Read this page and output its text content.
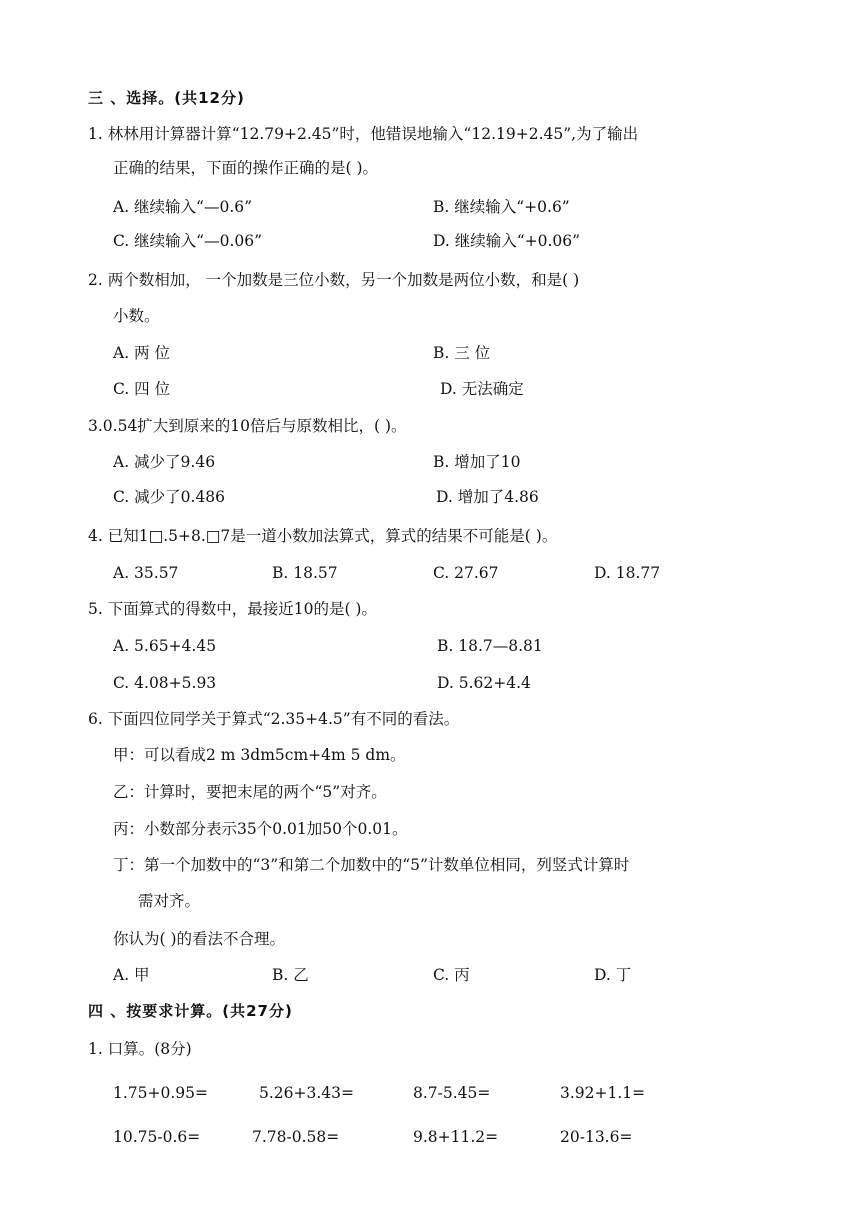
三 、选择。(共12分)
1. 林林用计算器计算“12.79+2.45”时，他错误地输入“12.19+2.45”,为了输出
正确的结果，下面的操作正确的是( )。
A. 继续输入“—0.6”	B. 继续输入“+0.6”
C. 继续输入“—0.06”	D. 继续输入“+0.06”
2. 两个数相加， 一个加数是三位小数，另一个加数是两位小数，和是( )
小数。
A. 两 位	B. 三 位
C. 四 位	D. 无法确定
3.0.54扩大到原来的10倍后与原数相比，( )。
A. 减少了9.46	B. 增加了10
C. 减少了0.486	D. 增加了4.86
4. 已知1□.5+8.□7是一道小数加法算式，算式的结果不可能是( )。
A. 35.57	B. 18.57	C. 27.67	D. 18.77
5. 下面算式的得数中，最接近10的是( )。
A. 5.65+4.45	B. 18.7—8.81
C. 4.08+5.93	D. 5.62+4.4
6. 下面四位同学关于算式“2.35+4.5”有不同的看法。
甲：可以看成2 m 3dm5cm+4m 5 dm。
乙：计算时，要把末尾的两个“5”对齐。
丙：小数部分表示35个0.01加50个0.01。
丁：第一个加数中的“3”和第二个加数中的“5”计数单位相同，列竖式计算时
需对齐。
你认为( )的看法不合理。
A. 甲	B. 乙	C. 丙	D. 丁
四 、按要求计算。(共27分)
1. 口算。(8分)
1.75+0.95=	5.26+3.43=	8.7-5.45=	3.92+1.1=
10.75-0.6=	7.78-0.58=	9.8+11.2=	20-13.6=
